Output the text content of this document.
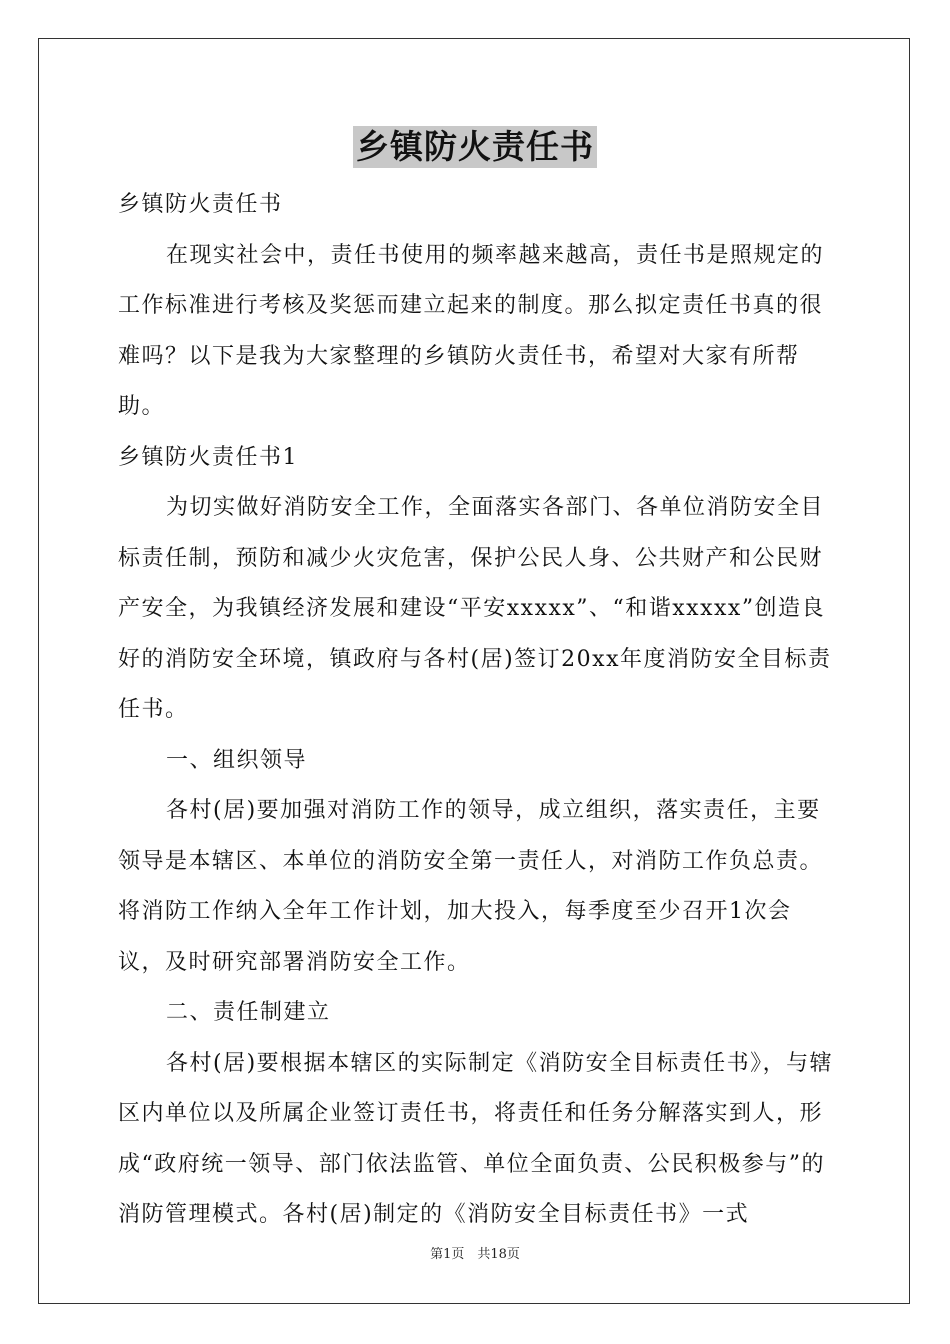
乡镇防火责任书

乡镇防火责任书

在现实社会中，责任书使用的频率越来越高，责任书是照规定的工作标准进行考核及奖惩而建立起来的制度。那么拟定责任书真的很难吗？以下是我为大家整理的乡镇防火责任书，希望对大家有所帮助。

乡镇防火责任书1

为切实做好消防安全工作，全面落实各部门、各单位消防安全目标责任制，预防和减少火灾危害，保护公民人身、公共财产和公民财产安全，为我镇经济发展和建设“平安xxxxx”、“和谐xxxxx”创造良好的消防安全环境，镇政府与各村(居)签订20xx年度消防安全目标责任书。

一、组织领导

各村(居)要加强对消防工作的领导，成立组织，落实责任，主要领导是本辖区、本单位的消防安全第一责任人，对消防工作负总责。将消防工作纳入全年工作计划，加大投入，每季度至少召开1次会议，及时研究部署消防安全工作。

二、责任制建立

各村(居)要根据本辖区的实际制定《消防安全目标责任书》，与辖区内单位以及所属企业签订责任书，将责任和任务分解落实到人，形成“政府统一领导、部门依法监管、单位全面负责、公民积极参与”的消防管理模式。各村(居)制定的《消防安全目标责任书》一式

第1页　共18页
